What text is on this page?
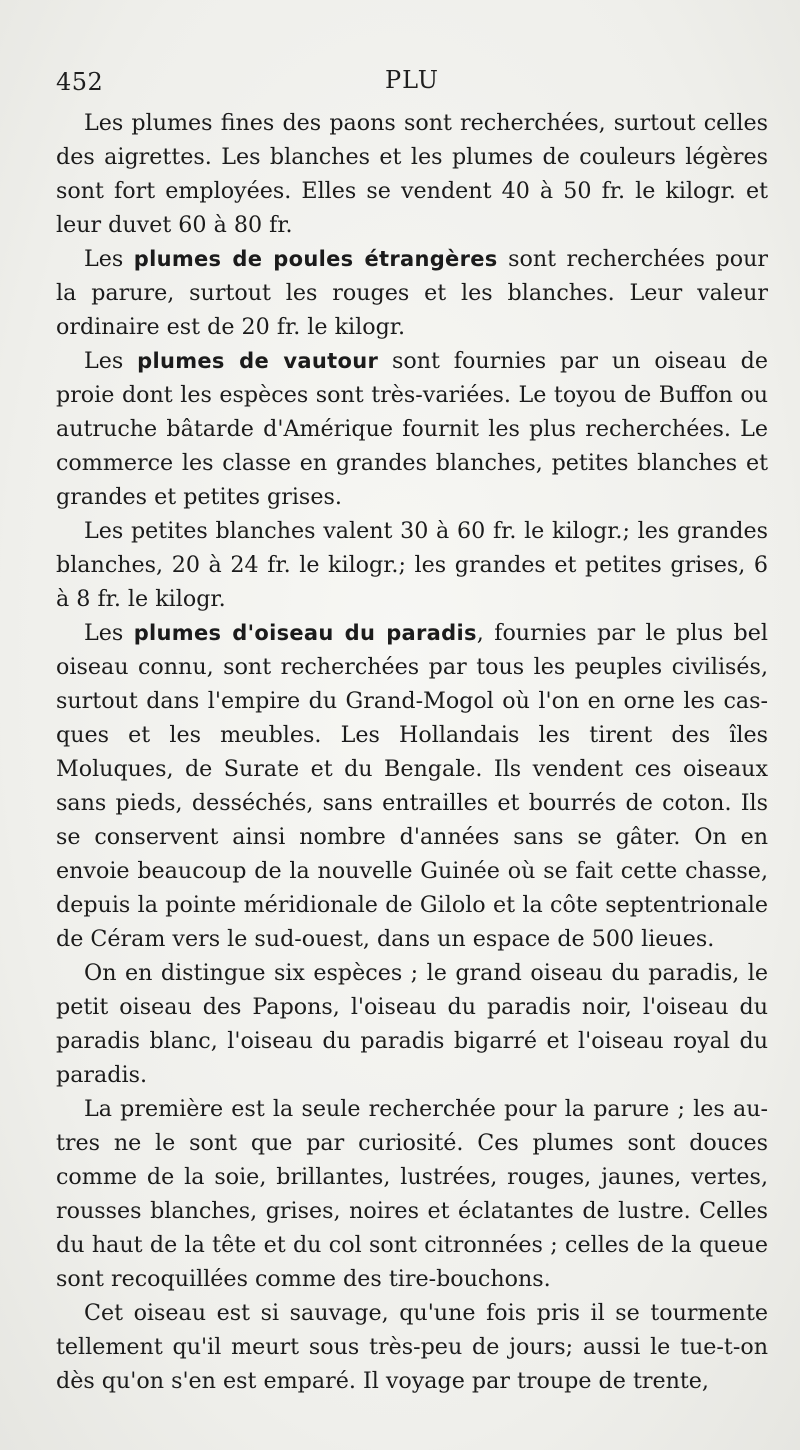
452	PLU

Les plumes fines des paons sont recherchées, surtout celles des aigrettes. Les blanches et les plumes de couleurs légères sont fort employées. Elles se vendent 40 à 50 fr. le kilogr. et leur duvet 60 à 80 fr.

Les plumes de poules étrangères sont recherchées pour la parure, surtout les rouges et les blanches. Leur valeur ordinaire est de 20 fr. le kilogr.

Les plumes de vautour sont fournies par un oiseau de proie dont les espèces sont très-variées. Le toyou de Buffon ou autruche bâtarde d'Amérique fournit les plus recherchées. Le commerce les classe en grandes blanches, petites blanches et grandes et petites grises.

Les petites blanches valent 30 à 60 fr. le kilogr.; les grandes blanches, 20 à 24 fr. le kilogr.; les grandes et petites grises, 6 à 8 fr. le kilogr.

Les plumes d'oiseau du paradis, fournies par le plus bel oiseau connu, sont recherchées par tous les peuples civilisés, surtout dans l'empire du Grand-Mogol où l'on en orne les casques et les meubles. Les Hollandais les tirent des îles Moluques, de Surate et du Bengale. Ils vendent ces oiseaux sans pieds, desséchés, sans entrailles et bourrés de coton. Ils se conservent ainsi nombre d'années sans se gâter. On en envoie beaucoup de la nouvelle Guinée où se fait cette chasse, depuis la pointe méridionale de Gilolo et la côte septentrionale de Céram vers le sud-ouest, dans un espace de 500 lieues.

On en distingue six espèces ; le grand oiseau du paradis, le petit oiseau des Papons, l'oiseau du paradis noir, l'oiseau du paradis blanc, l'oiseau du paradis bigarré et l'oiseau royal du paradis.

La première est la seule recherchée pour la parure ; les autres ne le sont que par curiosité. Ces plumes sont douces comme de la soie, brillantes, lustrées, rouges, jaunes, vertes, rousses blanches, grises, noires et éclatantes de lustre. Celles du haut de la tête et du col sont citronnées ; celles de la queue sont recoquillées comme des tire-bouchons.

Cet oiseau est si sauvage, qu'une fois pris il se tourmente tellement qu'il meurt sous très-peu de jours; aussi le tue-t-on dès qu'on s'en est emparé. Il voyage par troupe de trente,
